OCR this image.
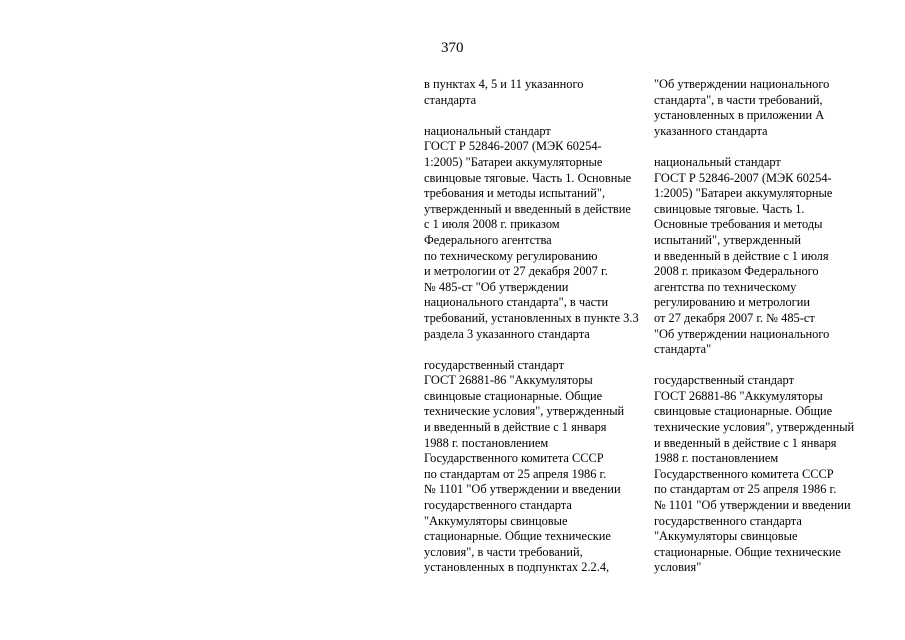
370
в пунктах 4, 5 и 11 указанного
стандарта
национальный стандарт
ГОСТ Р 52846-2007 (МЭК 60254-
1:2005) "Батареи аккумуляторные
свинцовые тяговые. Часть 1. Основные
требования и методы испытаний",
утвержденный и введенный в действие
с 1 июля 2008 г. приказом
Федерального агентства
по техническому регулированию
и метрологии от 27 декабря 2007 г.
№ 485-ст "Об утверждении
национального стандарта", в части
требований, установленных в пункте 3.3
раздела 3 указанного стандарта
государственный стандарт
ГОСТ 26881-86 "Аккумуляторы
свинцовые стационарные. Общие
технические условия", утвержденный
и введенный в действие с 1 января
1988 г. постановлением
Государственного комитета СССР
по стандартам от 25 апреля 1986 г.
№ 1101 "Об утверждении и введении
государственного стандарта
"Аккумуляторы свинцовые
стационарные. Общие технические
условия", в части требований,
установленных в подпунктах 2.2.4,
"Об утверждении национального
стандарта", в части требований,
установленных в приложении А
указанного стандарта
национальный стандарт
ГОСТ Р 52846-2007 (МЭК 60254-
1:2005) "Батареи аккумуляторные
свинцовые тяговые. Часть 1.
Основные требования и методы
испытаний", утвержденный
и введенный в действие с 1 июля
2008 г. приказом Федерального
агентства по техническому
регулированию и метрологии
от 27 декабря 2007 г. № 485-ст
"Об утверждении национального
стандарта"
государственный стандарт
ГОСТ 26881-86 "Аккумуляторы
свинцовые стационарные. Общие
технические условия", утвержденный
и введенный в действие с 1 января
1988 г. постановлением
Государственного комитета СССР
по стандартам от 25 апреля 1986 г.
№ 1101 "Об утверждении и введении
государственного стандарта
"Аккумуляторы свинцовые
стационарные. Общие технические
условия"
